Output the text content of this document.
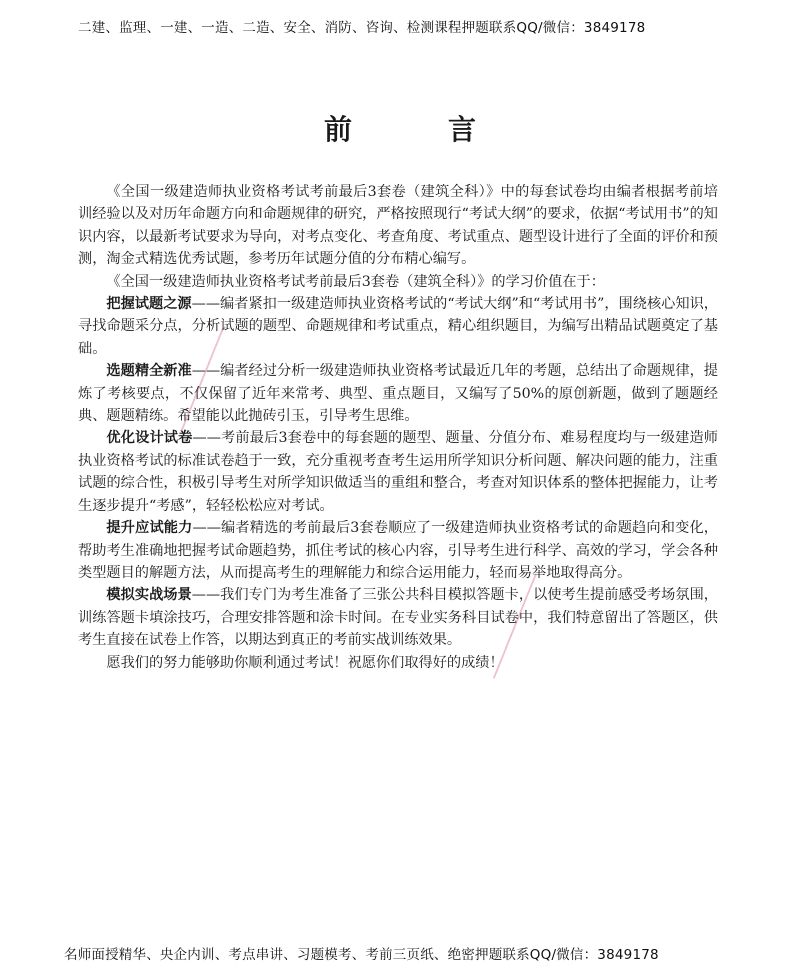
二建、监理、一建、一造、二造、安全、消防、咨询、检测课程押题联系QQ/微信：3849178
前　言

《全国一级建造师执业资格考试考前最后3套卷（建筑全科）》中的每套试卷均由编者根据考前培训经验以及对历年命题方向和命题规律的研究，严格按照现行“考试大纲”的要求，依据“考试用书”的知识内容，以最新考试要求为导向，对考点变化、考查角度、考试重点、题型设计进行了全面的评价和预测，淘金式精选优秀试题，参考历年试题分值的分布精心编写。

《全国一级建造师执业资格考试考前最后3套卷（建筑全科）》的学习价值在于：

把握试题之源——编者紧扣一级建造师执业资格考试的“考试大纲”和“考试用书”，围绕核心知识，寻找命题采分点，分析试题的题型、命题规律和考试重点，精心组织题目，为编写出精品试题奠定了基础。

选题精全新准——编者经过分析一级建造师执业资格考试最近几年的考题，总结出了命题规律，提炼了考核要点，不仅保留了近年来常考、典型、重点题目，又编写了50%的原创新题，做到了题题经典、题题精练。希望能以此抛砖引玉，引导考生思维。

优化设计试卷——考前最后3套卷中的每套题的题型、题量、分值分布、难易程度均与一级建造师执业资格考试的标准试卷趋于一致，充分重视考查考生运用所学知识分析问题、解决问题的能力，注重试题的综合性，积极引导考生对所学知识做适当的重组和整合，考查对知识体系的整体把握能力，让考生逐步提升“考感”，轻轻松松应对考试。

提升应试能力——编者精选的考前最后3套卷顺应了一级建造师执业资格考试的命题趋向和变化，帮助考生准确地把握考试命题趋势，抓住考试的核心内容，引导考生进行科学、高效的学习，学会各种类型题目的解题方法，从而提高考生的理解能力和综合运用能力，轻而易举地取得高分。

模拟实战场景——我们专门为考生准备了三张公共科目模拟答题卡，以使考生提前感受考场氛围，训练答题卡填涂技巧，合理安排答题和涂卡时间。在专业实务科目试卷中，我们特意留出了答题区，供考生直接在试卷上作答，以期达到真正的考前实战训练效果。

愿我们的努力能够助你顺利通过考试！祝愿你们取得好的成绩！

━━━━━━━━━━━━━━━━━
━━━━━━━━━━━━━━━━━
名师面授精华、央企内训、考点串讲、习题模考、考前三页纸、绝密押题联系QQ/微信：3849178
